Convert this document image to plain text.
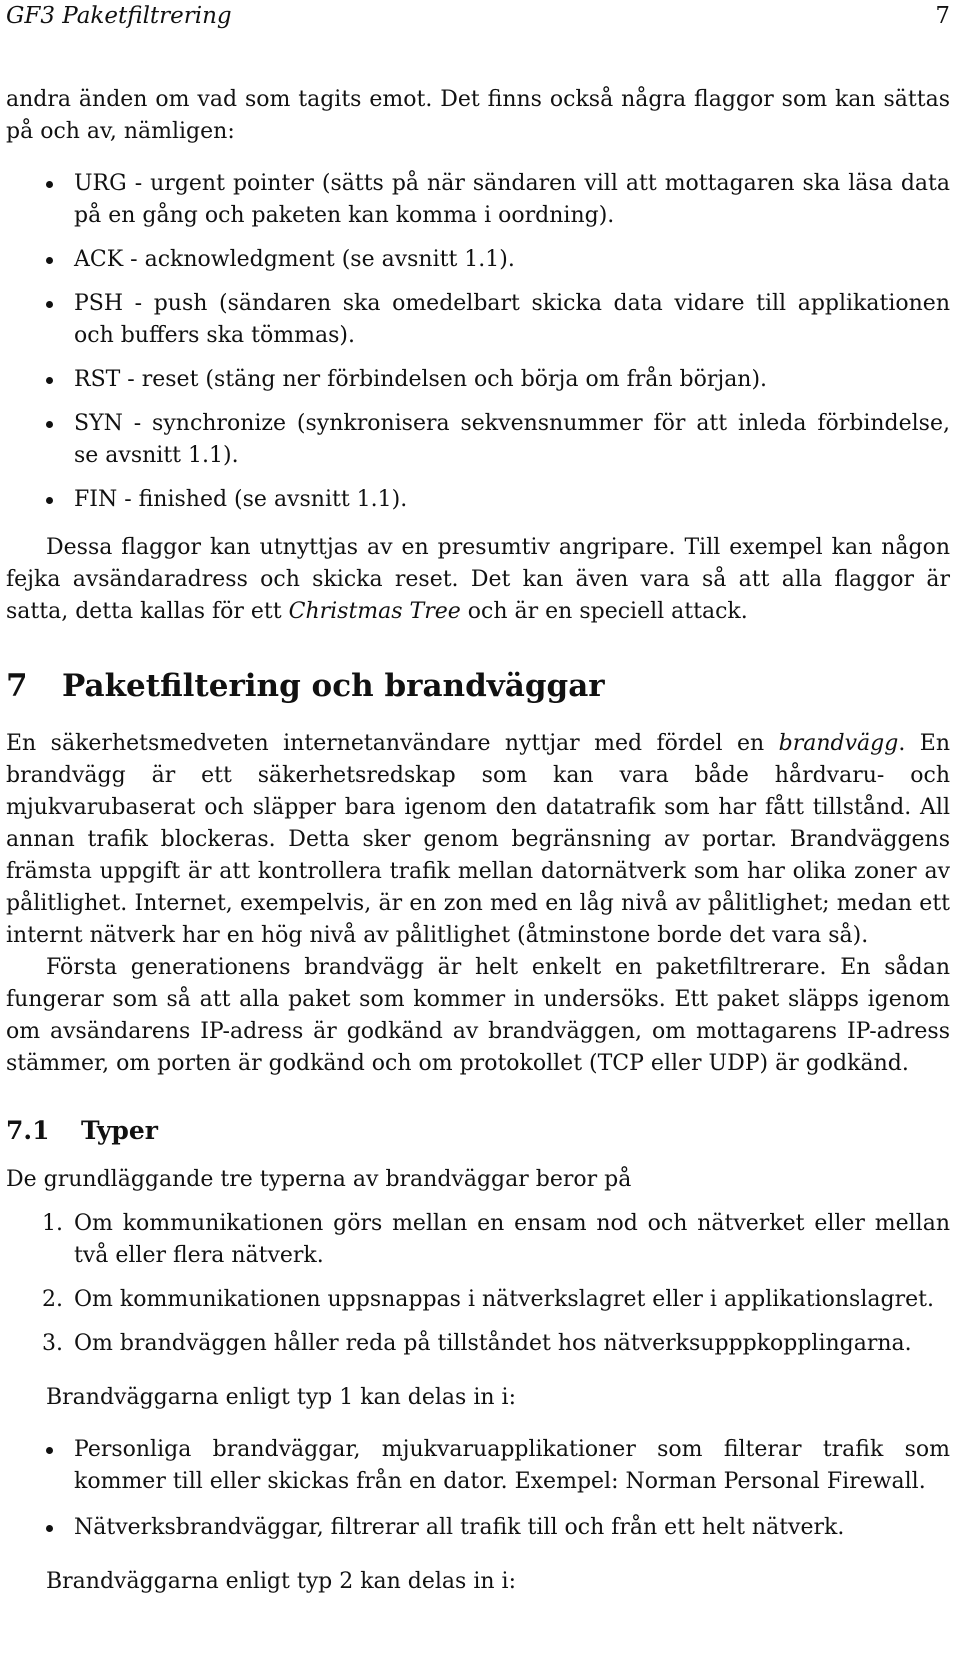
GF3 Paketfiltrering	7

andra änden om vad som tagits emot. Det finns också några flaggor som kan sättas på och av, nämligen:

URG - urgent pointer (sätts på när sändaren vill att mottagaren ska läsa data på en gång och paketen kan komma i oordning).
ACK - acknowledgment (se avsnitt 1.1).
PSH - push (sändaren ska omedelbart skicka data vidare till applikationen och buffers ska tömmas).
RST - reset (stäng ner förbindelsen och börja om från början).
SYN - synchronize (synkronisera sekvensnummer för att inleda förbindelse, se avsnitt 1.1).
FIN - finished (se avsnitt 1.1).

Dessa flaggor kan utnyttjas av en presumtiv angripare. Till exempel kan någon fejka avsändaradress och skicka reset. Det kan även vara så att alla flaggor är satta, detta kallas för ett Christmas Tree och är en speciell attack.

7 Paketfiltering och brandväggar

En säkerhetsmedveten internetanvändare nyttjar med fördel en brandvägg. En brandvägg är ett säkerhetsredskap som kan vara både hårdvaru- och mjukvarubaserat och släpper bara igenom den datatrafik som har fått tillstånd. All annan trafik blockeras. Detta sker genom begränsning av portar. Brandväggens främsta uppgift är att kontrollera trafik mellan datornätverk som har olika zoner av pålitlighet. Internet, exempelvis, är en zon med en låg nivå av pålitlighet; medan ett internt nätverk har en hög nivå av pålitlighet (åtminstone borde det vara så).

Första generationens brandvägg är helt enkelt en paketfiltrerare. En sådan fungerar som så att alla paket som kommer in undersöks. Ett paket släpps igenom om avsändarens IP-adress är godkänd av brandväggen, om mottagarens IP-adress stämmer, om porten är godkänd och om protokollet (TCP eller UDP) är godkänd.

7.1 Typer

De grundläggande tre typerna av brandväggar beror på

1. Om kommunikationen görs mellan en ensam nod och nätverket eller mellan två eller flera nätverk.
2. Om kommunikationen uppsnappas i nätverkslagret eller i applikationslagret.
3. Om brandväggen håller reda på tillståndet hos nätverksupppkopplingarna.

Brandväggarna enligt typ 1 kan delas in i:

Personliga brandväggar, mjukvaruapplikationer som filterar trafik som kommer till eller skickas från en dator. Exempel: Norman Personal Firewall.
Nätverksbrandväggar, filtrerar all trafik till och från ett helt nätverk.

Brandväggarna enligt typ 2 kan delas in i:
